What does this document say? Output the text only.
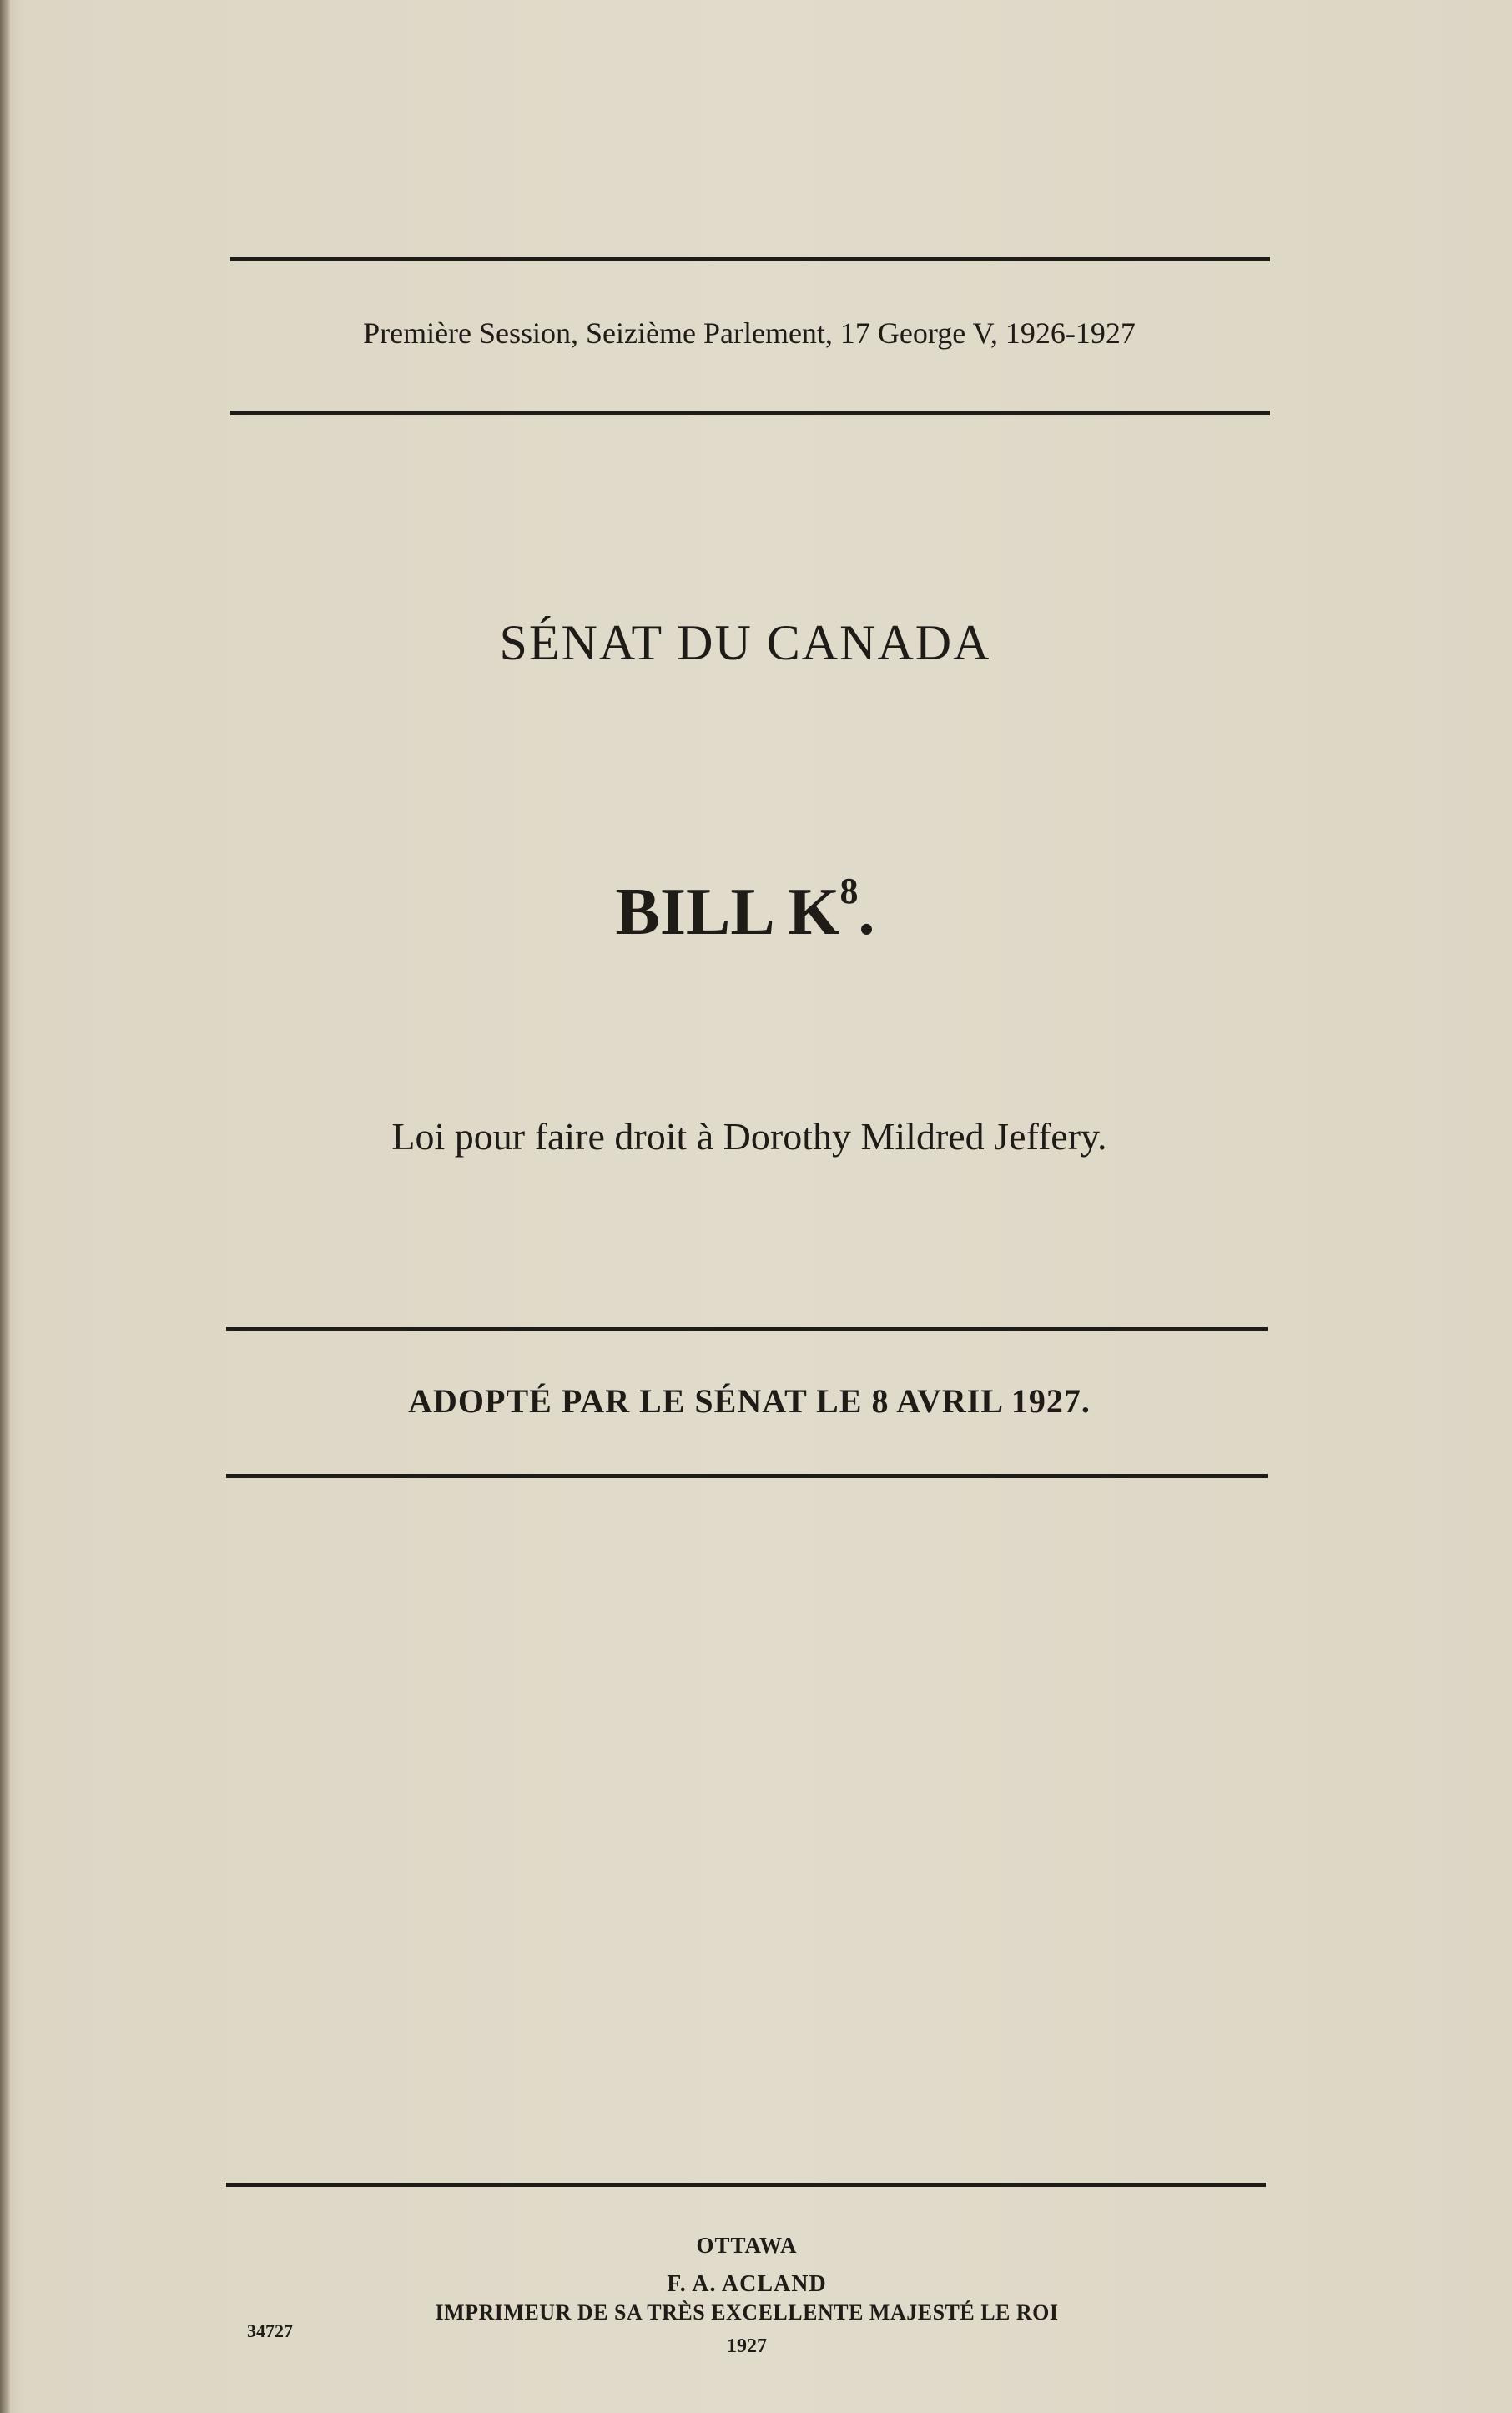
Première Session, Seizième Parlement, 17 George V, 1926-1927
SÉNAT DU CANADA
BILL $K^8$.
Loi pour faire droit à Dorothy Mildred Jeffery.
ADOPTÉ PAR LE SÉNAT LE 8 AVRIL 1927.
OTTAWA
F. A. ACLAND
IMPRIMEUR DE SA TRÈS EXCELLENTE MAJESTÉ LE ROI
1927
34727
